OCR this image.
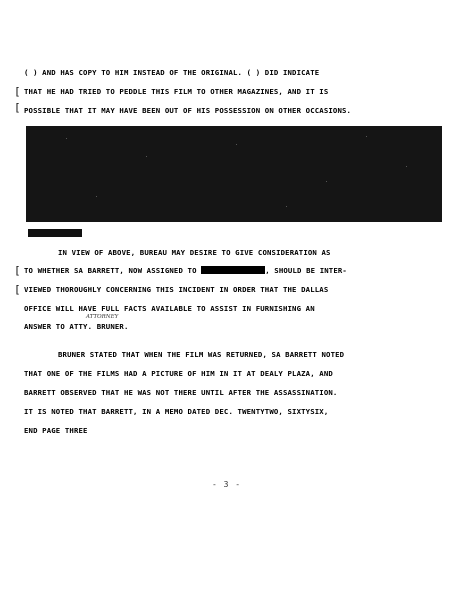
( ) AND HAS COPY TO HIM INSTEAD OF THE ORIGINAL. ( ) DID INDICATE
THAT HE HAD TRIED TO PEDDLE THIS FILM TO OTHER MAGAZINES, AND IT IS
POSSIBLE THAT IT MAY HAVE BEEN OUT OF HIS POSSESSION ON OTHER OCCASIONS.
[
[
IN VIEW OF ABOVE, BUREAU MAY DESIRE TO GIVE CONSIDERATION AS
TO WHETHER SA BARRETT, NOW ASSIGNED TO	, SHOULD BE INTER-
VIEWED THOROUGHLY CONCERNING THIS INCIDENT IN ORDER THAT THE DALLAS
OFFICE WILL HAVE FULL FACTS AVAILABLE TO ASSIST IN FURNISHING AN
ATTORNEY
ANSWER TO ATTY. BRUNER.
[
[
BRUNER STATED THAT WHEN THE FILM WAS RETURNED, SA BARRETT NOTED
THAT ONE OF THE FILMS HAD A PICTURE OF HIM IN IT AT DEALY PLAZA, AND
BARRETT OBSERVED THAT HE WAS NOT THERE UNTIL AFTER THE ASSASSINATION.
IT IS NOTED THAT BARRETT, IN A MEMO DATED DEC. TWENTYTWO, SIXTYSIX,
END PAGE THREE
- 3 -
